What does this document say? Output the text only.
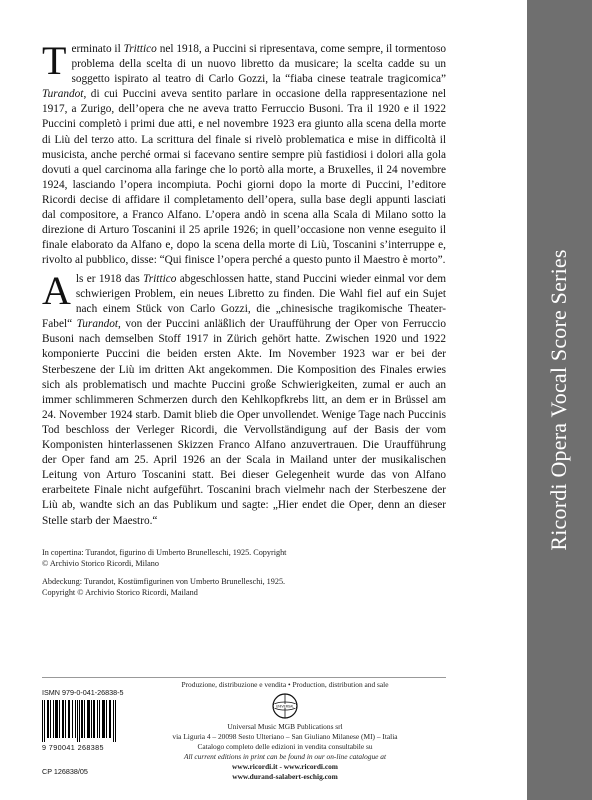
Terminato il Trittico nel 1918, a Puccini si ripresentava, come sempre, il tormentoso problema della scelta di un nuovo libretto da musicare; la scelta cadde su un soggetto ispirato al teatro di Carlo Gozzi, la “fiaba cinese teatrale tragicomica” Turandot, di cui Puccini aveva sentito parlare in occasione della rappresentazione nel 1917, a Zurigo, dell’opera che ne aveva tratto Ferruccio Busoni. Tra il 1920 e il 1922 Puccini completò i primi due atti, e nel novembre 1923 era giunto alla scena della morte di Liù del terzo atto. La scrittura del finale si rivelò problematica e mise in difficoltà il musicista, anche perché ormai si facevano sentire sempre più fastidiosi i dolori alla gola dovuti a quel carcinoma alla faringe che lo portò alla morte, a Bruxelles, il 24 novembre 1924, lasciando l’opera incompiuta. Pochi giorni dopo la morte di Puccini, l’editore Ricordi decise di affidare il completamento dell’opera, sulla base degli appunti lasciati dal compositore, a Franco Alfano. L’opera andò in scena alla Scala di Milano sotto la direzione di Arturo Toscanini il 25 aprile 1926; in quell’occasione non venne eseguito il finale elaborato da Alfano e, dopo la scena della morte di Liù, Toscanini s’interruppe e, rivolto al pubblico, disse: “Qui finisce l’opera perché a questo punto il Maestro è morto”.

Als er 1918 das Trittico abgeschlossen hatte, stand Puccini wieder einmal vor dem schwierigen Problem, ein neues Libretto zu finden. Die Wahl fiel auf ein Sujet nach einem Stück von Carlo Gozzi, die „chinesische tragikomische Theater-Fabel“ Turandot, von der Puccini anläßlich der Uraufführung der Oper von Ferruccio Busoni nach demselben Stoff 1917 in Zürich gehört hatte. Zwischen 1920 und 1922 komponierte Puccini die beiden ersten Akte. Im November 1923 war er bei der Sterbeszene der Liù im dritten Akt angekommen. Die Komposition des Finales erwies sich als problematisch und machte Puccini große Schwierigkeiten, zumal er auch an immer schlimmeren Schmerzen durch den Kehlkopfkrebs litt, an dem er in Brüssel am 24. November 1924 starb. Damit blieb die Oper unvollendet. Wenige Tage nach Puccinis Tod beschloss der Verleger Ricordi, die Vervollständigung auf der Basis der vom Komponisten hinterlassenen Skizzen Franco Alfano anzuvertrauen. Die Uraufführung der Oper fand am 25. April 1926 an der Scala in Mailand unter der musikalischen Leitung von Arturo Toscanini statt. Bei dieser Gelegenheit wurde das von Alfano erarbeitete Finale nicht aufgeführt. Toscanini brach vielmehr nach der Sterbeszene der Liù ab, wandte sich an das Publikum und sagte: „Hier endet die Oper, denn an dieser Stelle starb der Maestro.“

In copertina: Turandot, figurino di Umberto Brunelleschi, 1925. Copyright © Archivio Storico Ricordi, Milano

Abdeckung: Turandot, Kostümfigurinen von Umberto Brunelleschi, 1925. Copyright © Archivio Storico Ricordi, Mailand

ISMN 979-0-041-26838-5
9 790041 268385
CP 126838/05
Produzione, distribuzione e vendita • Production, distribution and sale
UNIVERSAL
Universal Music MGB Publications srl
via Liguria 4 – 20098 Sesto Ulteriano – San Giuliano Milanese (MI) – Italia
Catalogo completo delle edizioni in vendita consultabile su
All current editions in print can be found in our on-line catalogue at
www.ricordi.it - www.ricordi.com
www.durand-salabert-eschig.com
Ricordi Opera Vocal Score Series
